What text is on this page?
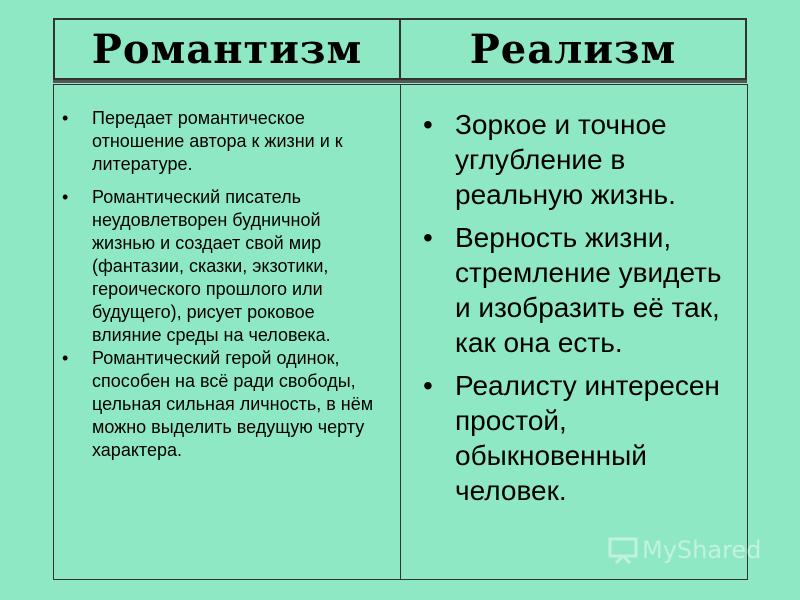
Романтизм	Реализм
• Передает романтическое отношение автора к жизни и к литературе.
• Романтический писатель неудовлетворен будничной жизнью и создает свой мир (фантазии, сказки, экзотики, героического прошлого или будущего), рисует роковое влияние среды на человека.
• Романтический герой одинок, способен на всё ради свободы, цельная сильная личность, в нём можно выделить ведущую черту характера.
• Зоркое и точное углубление в реальную жизнь.
• Верность жизни, стремление увидеть и изобразить её так, как она есть.
• Реалисту интересен простой, обыкновенный человек.
MyShared
